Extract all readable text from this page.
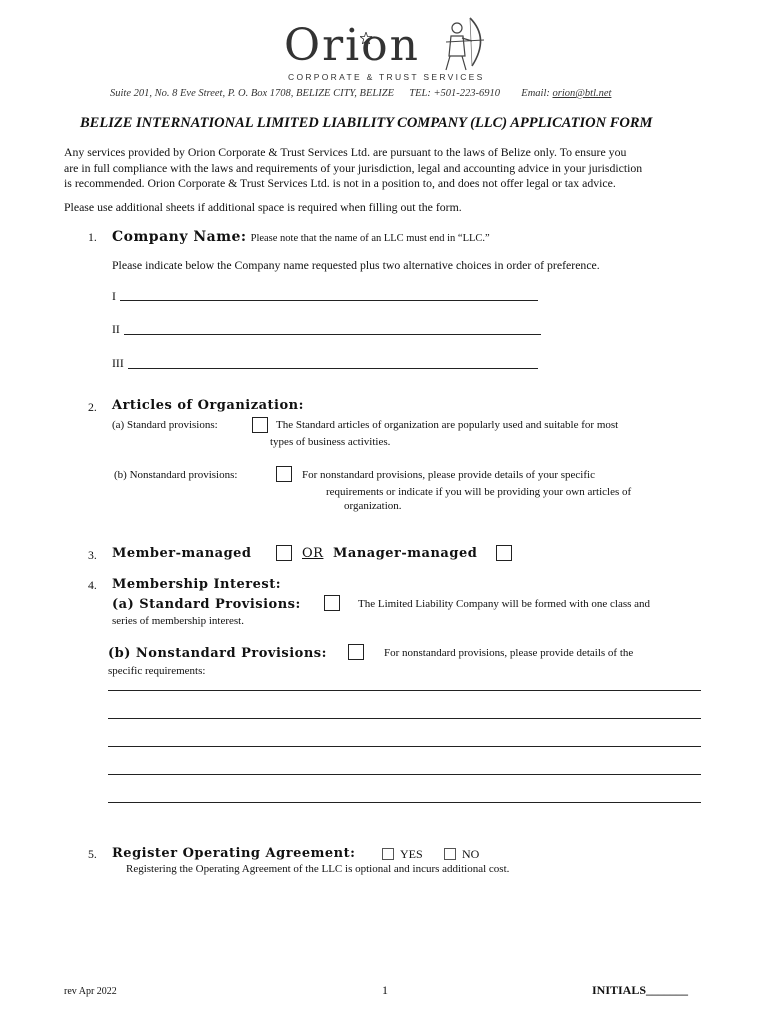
Orion
CORPORATE & TRUST SERVICES
Suite 201, No. 8 Eve Street, P. O. Box 1708, BELIZE CITY, BELIZE TEL: +501-223-6910 Email: orion@btl.net
BELIZE INTERNATIONAL LIMITED LIABILITY COMPANY (LLC) APPLICATION FORM
Any services provided by Orion Corporate & Trust Services Ltd. are pursuant to the laws of Belize only. To ensure you
are in full compliance with the laws and requirements of your jurisdiction, legal and accounting advice in your jurisdiction
is recommended. Orion Corporate & Trust Services Ltd. is not in a position to, and does not offer legal or tax advice.
Please use additional sheets if additional space is required when filling out the form.
1. Company Name: Please note that the name of an LLC must end in “LLC.”
Please indicate below the Company name requested plus two alternative choices in order of preference.
I
II
III
2. Articles of Organization:
(a) Standard provisions:	The Standard articles of organization are popularly used and suitable for most
types of business activities.
(b) Nonstandard provisions:	For nonstandard provisions, please provide details of your specific
requirements or indicate if you will be providing your own articles of
organization.
3. Member-managed	OR Manager-managed
4. Membership Interest:
(a) Standard Provisions:	The Limited Liability Company will be formed with one class and
series of membership interest.
(b) Nonstandard Provisions:	For nonstandard provisions, please provide details of the
specific requirements:
5. Register Operating Agreement:	YES	NO
Registering the Operating Agreement of the LLC is optional and incurs additional cost.
rev Apr 2022	1	INITIALS_______
